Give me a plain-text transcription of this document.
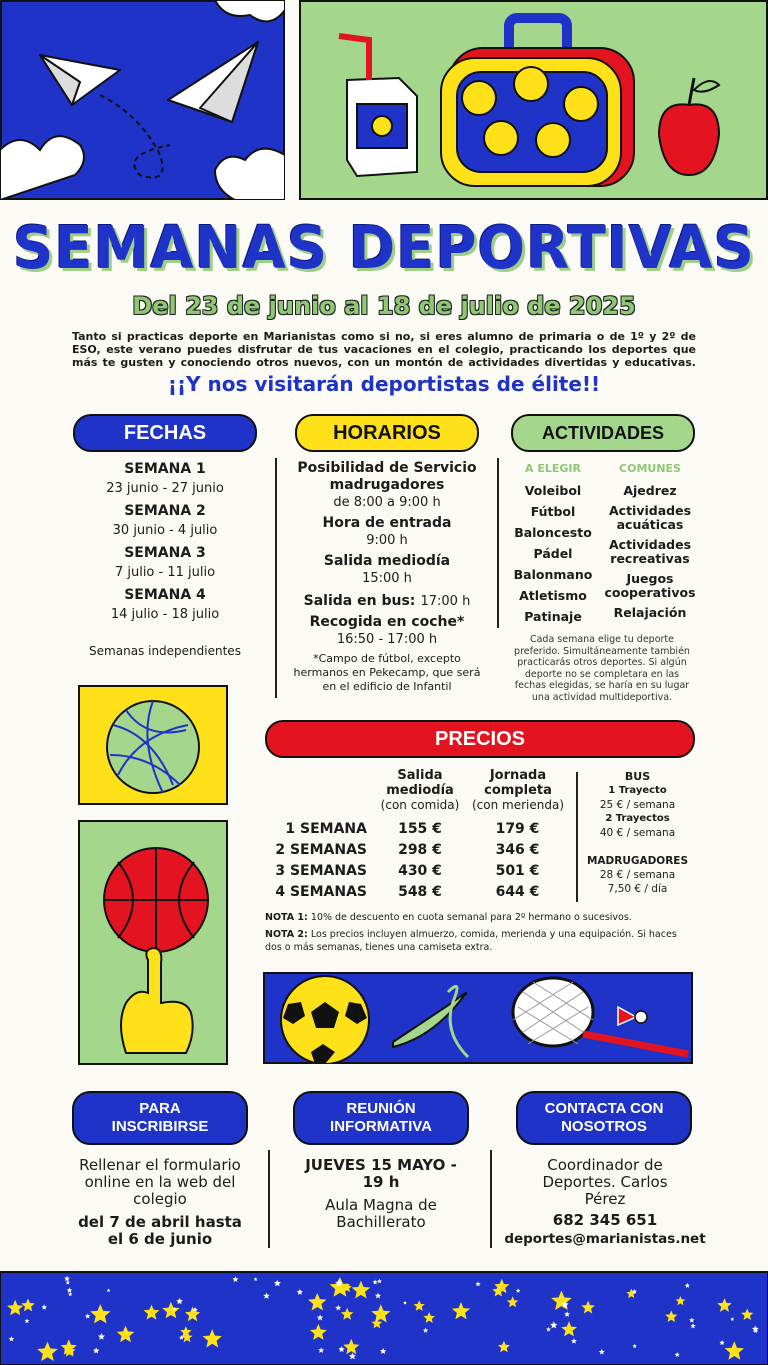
SEMANAS DEPORTIVAS
Del 23 de junio al 18 de julio de 2025
Tanto si practicas deporte en Marianistas como si no, si eres alumno de primaria o de 1º y 2º de ESO, este verano puedes disfrutar de tus vacaciones en el colegio, practicando los deportes que más te gusten y conociendo otros nuevos, con un montón de actividades divertidas y educativas.
¡¡Y nos visitarán deportistas de élite!!
FECHAS
SEMANA 1
23 junio - 27 junio
SEMANA 2
30 junio - 4 julio
SEMANA 3
7 julio - 11 julio
SEMANA 4
14 julio - 18 julio
Semanas independientes
HORARIOS
Posibilidad de Servicio madrugadores
de 8:00 a 9:00 h
Hora de entrada
9:00 h
Salida mediodía
15:00 h
Salida en bus: 17:00 h
Recogida en coche*
16:50 - 17:00 h
*Campo de fútbol, excepto hermanos en Pekecamp, que será en el edificio de Infantil
ACTIVIDADES
A ELEGIR	COMUNES
Voleibol
Fútbol
Baloncesto
Pádel
Balonmano
Atletismo
Patinaje
Ajedrez
Actividades acuáticas
Actividades recreativas
Juegos cooperativos
Relajación
Cada semana elige tu deporte preferido. Simultáneamente también practicarás otros deportes. Si algún deporte no se completara en las fechas elegidas, se haría en su lugar una actividad multideportiva.
PRECIOS
Salida mediodía
(con comida)
Jornada completa
(con merienda)
1 SEMANA	155 €	179 €
2 SEMANAS	298 €	346 €
3 SEMANAS	430 €	501 €
4 SEMANAS	548 €	644 €
BUS
1 Trayecto
25 € / semana
2 Trayectos
40 € / semana
MADRUGADORES
28 € / semana
7,50 € / día
NOTA 1: 10% de descuento en cuota semanal para 2º hermano o sucesivos.
NOTA 2: Los precios incluyen almuerzo, comida, merienda y una equipación. Si haces dos o más semanas, tienes una camiseta extra.
PARA INSCRIBIRSE
REUNIÓN INFORMATIVA
CONTACTA CON NOSOTROS
Rellenar el formulario online en la web del colegio
del 7 de abril hasta el 6 de junio
JUEVES 15 MAYO - 19 h
Aula Magna de Bachillerato
Coordinador de Deportes. Carlos Pérez
682 345 651
deportes@marianistas.net
